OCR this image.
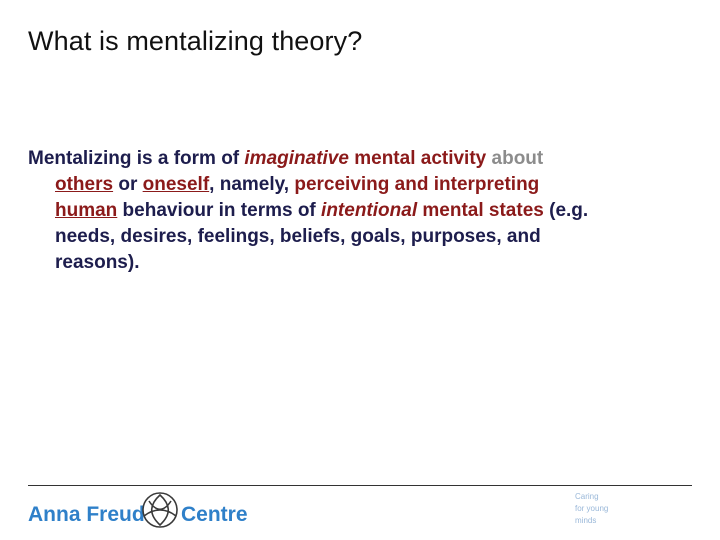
What is mentalizing theory?
Mentalizing is a form of imaginative mental activity about
others or oneself, namely, perceiving and interpreting
human behaviour in terms of intentional mental states (e.g.
needs, desires, feelings, beliefs, goals, purposes, and
reasons).
Anna Freud Centre
Caring
for young
minds
